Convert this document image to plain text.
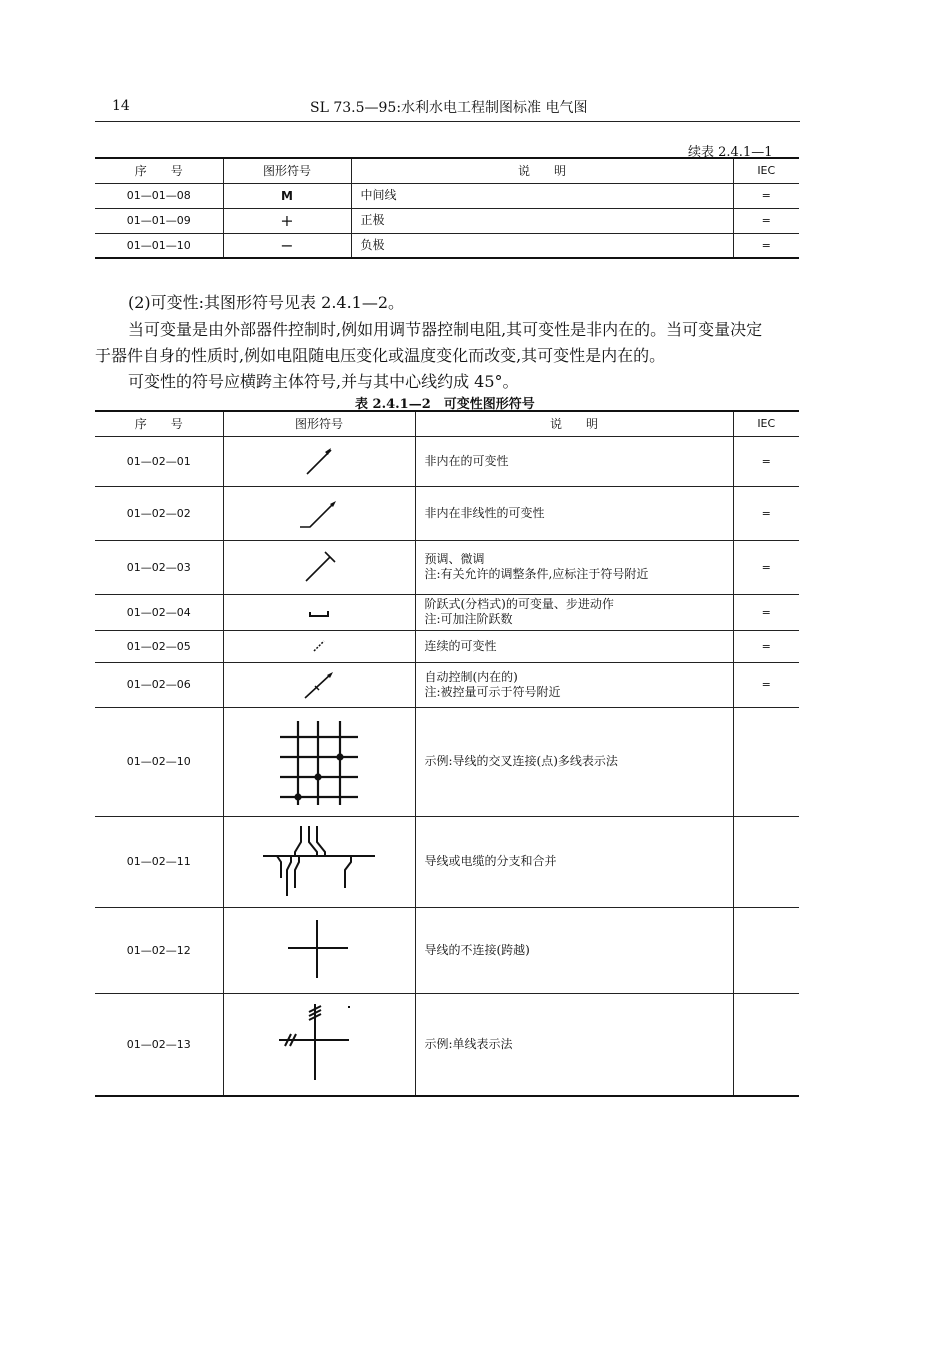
14	SL 73.5—95:水利水电工程制图标准 电气图
续表 2.4.1—1
序　　号	图形符号	说　　明	IEC
01—01—08	M	中间线	=
01—01—09	+	正极	=
01—01—10	−	负极	=
(2)可变性:其图形符号见表 2.4.1—2。
当可变量是由外部器件控制时,例如用调节器控制电阻,其可变性是非内在的。当可变量决定
于器件自身的性质时,例如电阻随电压变化或温度变化而改变,其可变性是内在的。
可变性的符号应横跨主体符号,并与其中心线约成 45°。
表 2.4.1—2　可变性图形符号
序　　号	图形符号	说　　明	IEC
01—02—01		非内在的可变性	=
01—02—02		非内在非线性的可变性	=
01—02—03		预调、微调
注:有关允许的调整条件,应标注于符号附近	=
01—02—04		阶跃式(分档式)的可变量、步进动作
注:可加注阶跃数	=
01—02—05		连续的可变性	=
01—02—06		自动控制(内在的)
注:被控量可示于符号附近	=
01—02—10		示例:导线的交叉连接(点)多线表示法	

01—02—11		导线或电缆的分支和合并	

01—02—12		导线的不连接(跨越)	

01—02—13		示例:单线表示法	
